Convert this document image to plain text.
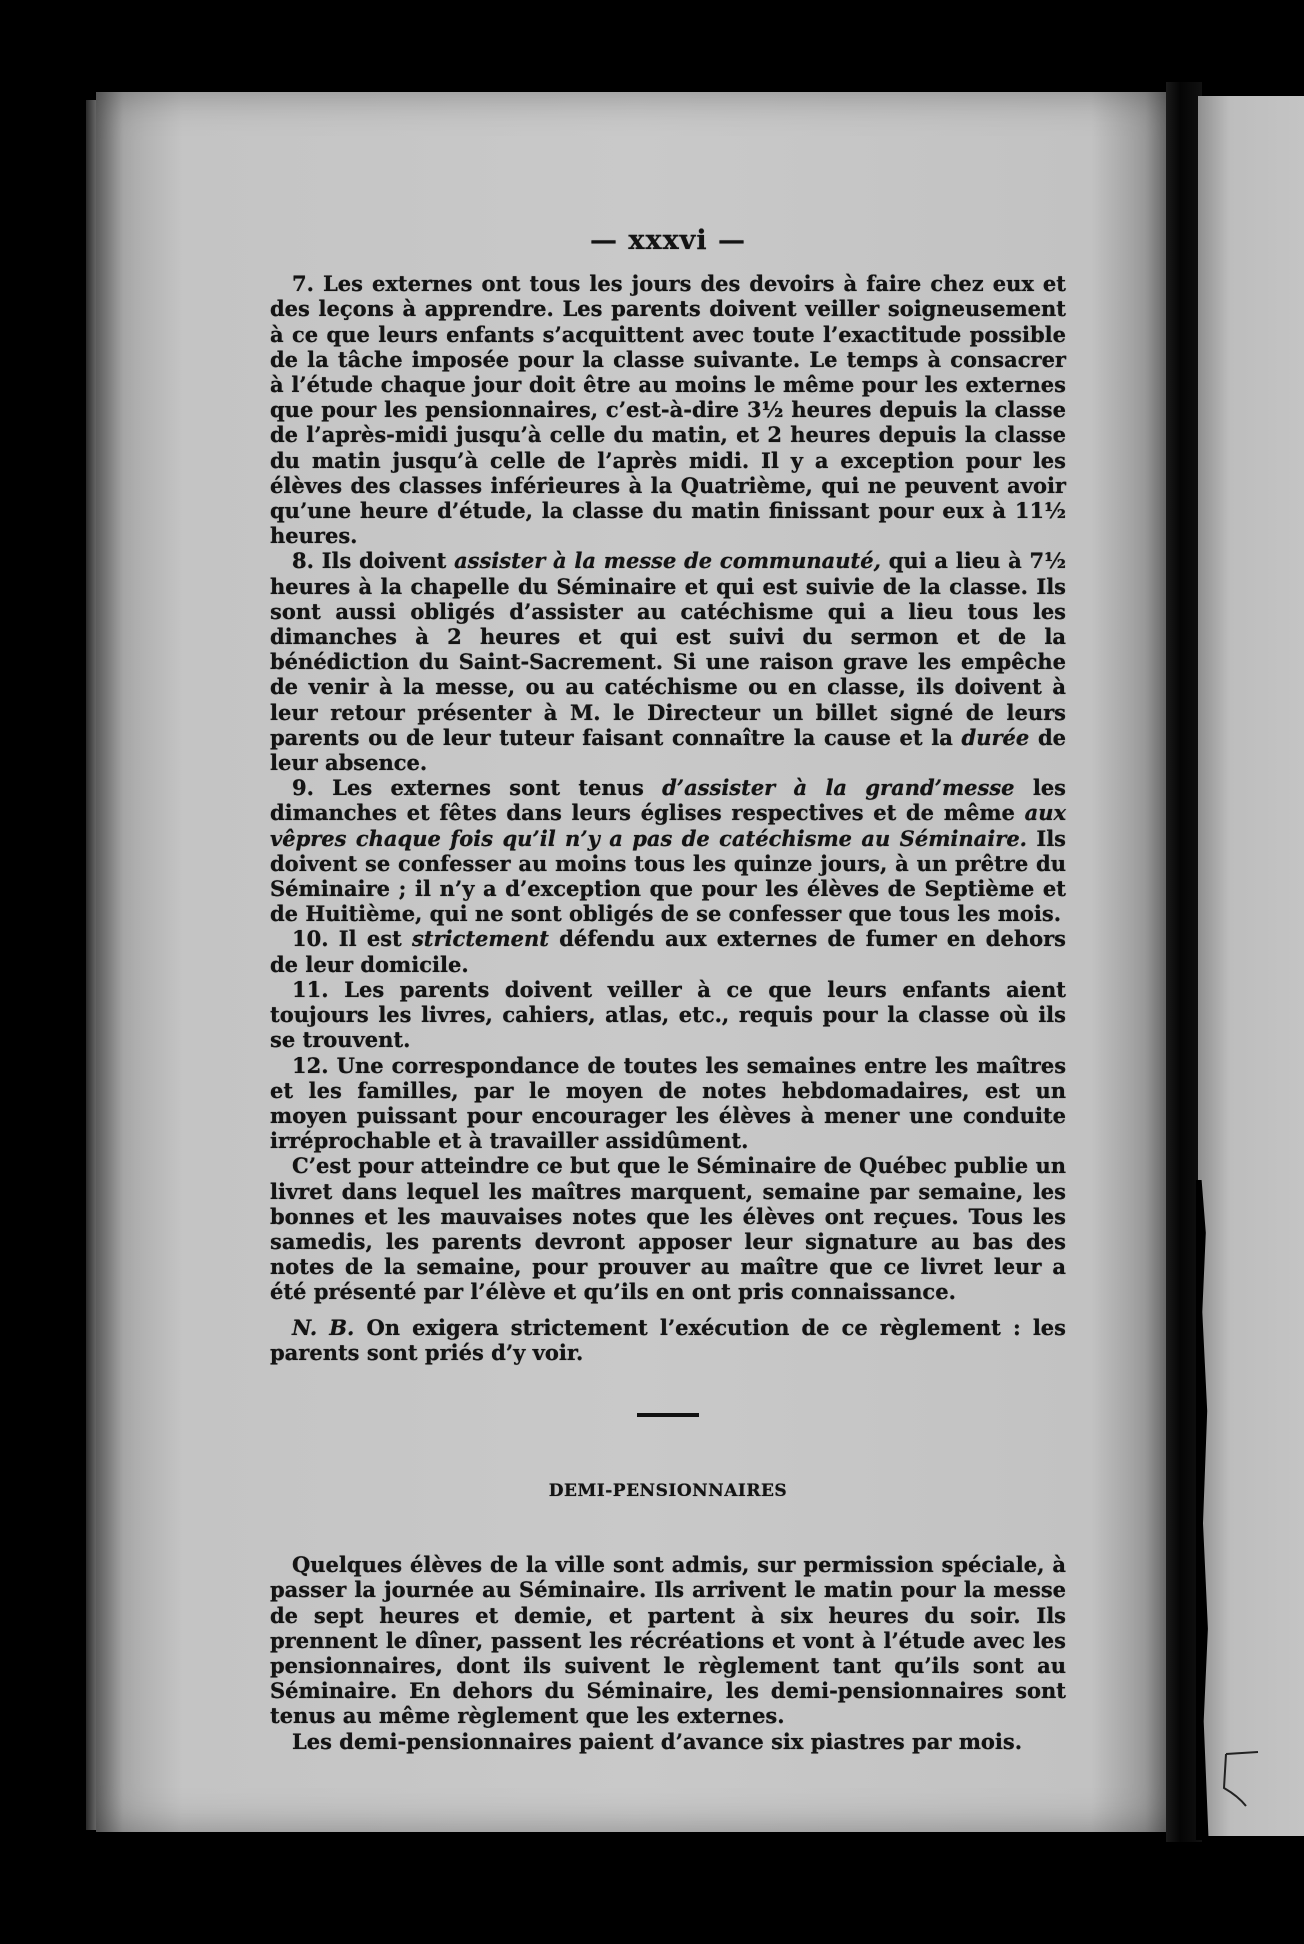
— xxxvi —

7. Les externes ont tous les jours des devoirs à faire chez eux et des leçons à apprendre. Les parents doivent veiller soigneusement à ce que leurs enfants s’acquittent avec toute l’exactitude possible de la tâche imposée pour la classe suivante. Le temps à consacrer à l’étude chaque jour doit être au moins le même pour les externes que pour les pensionnaires, c’est-à-dire 3½ heures depuis la classe de l’après-midi jusqu’à celle du matin, et 2 heures depuis la classe du matin jusqu’à celle de l’après midi. Il y a exception pour les élèves des classes inférieures à la Quatrième, qui ne peuvent avoir qu’une heure d’étude, la classe du matin finissant pour eux à 11½ heures.

8. Ils doivent assister à la messe de communauté, qui a lieu à 7½ heures à la chapelle du Séminaire et qui est suivie de la classe. Ils sont aussi obligés d’assister au catéchisme qui a lieu tous les dimanches à 2 heures et qui est suivi du sermon et de la bénédiction du Saint-Sacrement. Si une raison grave les empêche de venir à la messe, ou au catéchisme ou en classe, ils doivent à leur retour présenter à M. le Directeur un billet signé de leurs parents ou de leur tuteur faisant connaître la cause et la durée de leur absence.

9. Les externes sont tenus d’assister à la grand’messe les dimanches et fêtes dans leurs églises respectives et de même aux vêpres chaque fois qu’il n’y a pas de catéchisme au Séminaire. Ils doivent se confesser au moins tous les quinze jours, à un prêtre du Séminaire ; il n’y a d’exception que pour les élèves de Septième et de Huitième, qui ne sont obligés de se confesser que tous les mois.

10. Il est strictement défendu aux externes de fumer en dehors de leur domicile.

11. Les parents doivent veiller à ce que leurs enfants aient toujours les livres, cahiers, atlas, etc., requis pour la classe où ils se trouvent.

12. Une correspondance de toutes les semaines entre les maîtres et les familles, par le moyen de notes hebdomadaires, est un moyen puissant pour encourager les élèves à mener une conduite irréprochable et à travailler assidûment.

C’est pour atteindre ce but que le Séminaire de Québec publie un livret dans lequel les maîtres marquent, semaine par semaine, les bonnes et les mauvaises notes que les élèves ont reçues. Tous les samedis, les parents devront apposer leur signature au bas des notes de la semaine, pour prouver au maître que ce livret leur a été présenté par l’élève et qu’ils en ont pris connaissance.

N. B. On exigera strictement l’exécution de ce règlement : les parents sont priés d’y voir.

DEMI-PENSIONNAIRES

Quelques élèves de la ville sont admis, sur permission spéciale, à passer la journée au Séminaire. Ils arrivent le matin pour la messe de sept heures et demie, et partent à six heures du soir. Ils prennent le dîner, passent les récréations et vont à l’étude avec les pensionnaires, dont ils suivent le règlement tant qu’ils sont au Séminaire. En dehors du Séminaire, les demi-pensionnaires sont tenus au même règlement que les externes.

Les demi-pensionnaires paient d’avance six piastres par mois.
